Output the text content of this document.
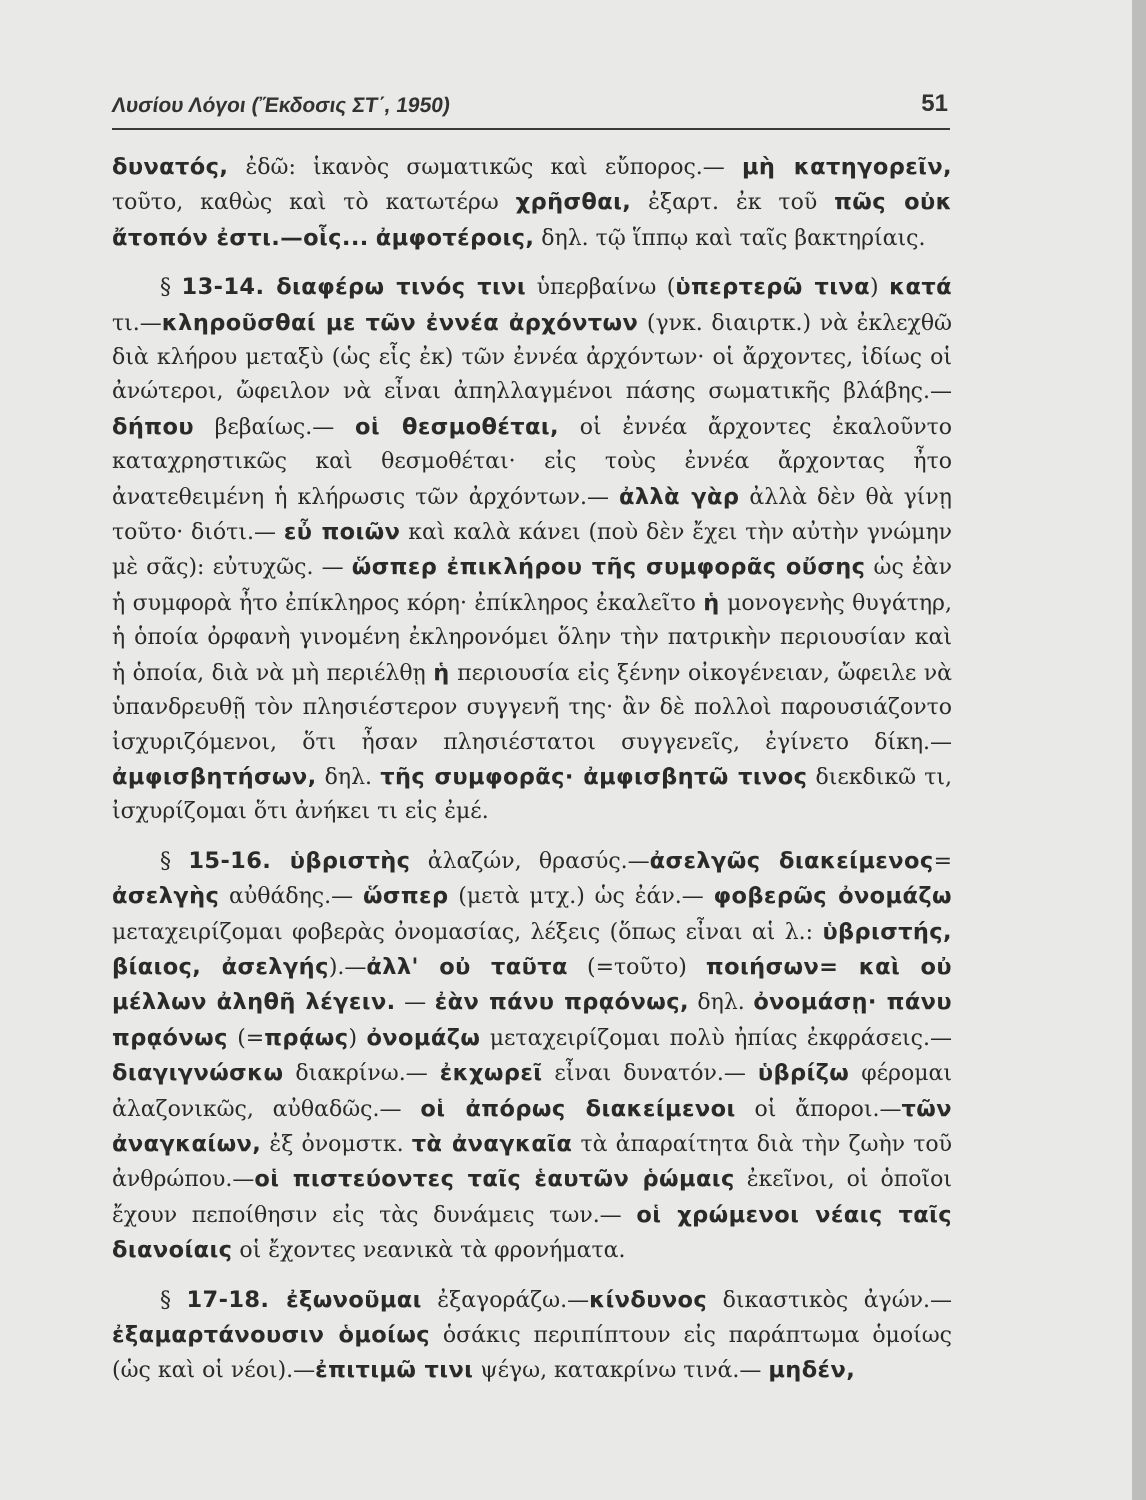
Λυσίου Λόγοι (Ἔκδοσις ΣΤ΄, 1950)	51

δυνατός, ἐδῶ: ἱκανὸς σωματικῶς καὶ εὔπορος.— μὴ κατηγορεῖν, τοῦτο, καθὼς καὶ τὸ κατωτέρω χρῆσθαι, ἐξαρτ. ἐκ τοῦ πῶς οὐκ ἄτοπόν ἐστι.—οἷς... ἀμφοτέροις, δηλ. τῷ ἵππῳ καὶ ταῖς βακτηρίαις.

§ 13-14. διαφέρω τινός τινι ὑπερβαίνω (ὑπερτερῶ τινα) κατά τι.—κληροῦσθαί με τῶν ἐννέα ἀρχόντων (γνκ. διαιρτκ.) νὰ ἐκλεχθῶ διὰ κλήρου μεταξὺ (ὡς εἷς ἐκ) τῶν ἐννέα ἀρχόντων· οἱ ἄρχοντες, ἰδίως οἱ ἀνώτεροι, ὤφειλον νὰ εἶναι ἀπηλλαγμένοι πάσης σωματικῆς βλάβης.— δήπου βεβαίως.— οἱ θεσμοθέται, οἱ ἐννέα ἄρχοντες ἐκαλοῦντο καταχρηστικῶς καὶ θεσμοθέται· εἰς τοὺς ἐννέα ἄρχοντας ἦτο ἀνατεθειμένη ἡ κλήρωσις τῶν ἀρχόντων.— ἀλλὰ γὰρ ἀλλὰ δὲν θὰ γίνῃ τοῦτο· διότι.— εὖ ποιῶν καὶ καλὰ κάνει (ποὺ δὲν ἔχει τὴν αὐτὴν γνώμην μὲ σᾶς): εὐτυχῶς. — ὥσπερ ἐπικλήρου τῆς συμφορᾶς οὔσης ὡς ἐὰν ἡ συμφορὰ ἦτο ἐπίκληρος κόρη· ἐπίκληρος ἐκαλεῖτο ἡ μονογενὴς θυγάτηρ, ἡ ὁποία ὀρφανὴ γινομένη ἐκληρονόμει ὅλην τὴν πατρικὴν περιουσίαν καὶ ἡ ὁποία, διὰ νὰ μὴ περιέλθῃ ἡ περιουσία εἰς ξένην οἰκογένειαν, ὤφειλε νὰ ὑπανδρευθῇ τὸν πλησιέστερον συγγενῆ της· ἂν δὲ πολλοὶ παρουσιάζοντο ἰσχυριζόμενοι, ὅτι ἦσαν πλησιέστατοι συγγενεῖς, ἐγίνετο δίκη.— ἀμφισβητήσων, δηλ. τῆς συμφορᾶς· ἀμφισβητῶ τινος διεκδικῶ τι, ἰσχυρίζομαι ὅτι ἀνήκει τι εἰς ἐμέ.

§ 15-16. ὑβριστὴς ἀλαζών, θρασύς.—ἀσελγῶς διακείμενος= ἀσελγὴς αὐθάδης.— ὥσπερ (μετὰ μτχ.) ὡς ἐάν.— φοβερῶς ὀνομάζω μεταχειρίζομαι φοβερὰς ὀνομασίας, λέξεις (ὅπως εἶναι αἱ λ.: ὑβριστής, βίαιος, ἀσελγής).—ἀλλ' οὐ ταῦτα (=τοῦτο) ποιήσων= καὶ οὐ μέλλων ἀληθῆ λέγειν. — ἐὰν πάνυ πρᾳόνως, δηλ. ὀνομάσῃ· πάνυ πρᾳόνως (=πρᾴως) ὀνομάζω μεταχειρίζομαι πολὺ ἠπίας ἐκφράσεις.— διαγιγνώσκω διακρίνω.— ἐκχωρεῖ εἶναι δυνατόν.— ὑβρίζω φέρομαι ἀλαζονικῶς, αὐθαδῶς.— οἱ ἀπόρως διακείμενοι οἱ ἄποροι.—τῶν ἀναγκαίων, ἐξ ὀνομστκ. τὰ ἀναγκαῖα τὰ ἀπαραίτητα διὰ τὴν ζωὴν τοῦ ἀνθρώπου.—οἱ πιστεύοντες ταῖς ἑαυτῶν ῥώμαις ἐκεῖνοι, οἱ ὁποῖοι ἔχουν πεποίθησιν εἰς τὰς δυνάμεις των.— οἱ χρώμενοι νέαις ταῖς διανοίαις οἱ ἔχοντες νεανικὰ τὰ φρονήματα.

§ 17-18. ἐξωνοῦμαι ἐξαγοράζω.—κίνδυνος δικαστικὸς ἀγών.— ἐξαμαρτάνουσιν ὁμοίως ὁσάκις περιπίπτουν εἰς παράπτωμα ὁμοίως (ὡς καὶ οἱ νέοι).—ἐπιτιμῶ τινι ψέγω, κατακρίνω τινά.— μηδέν,
